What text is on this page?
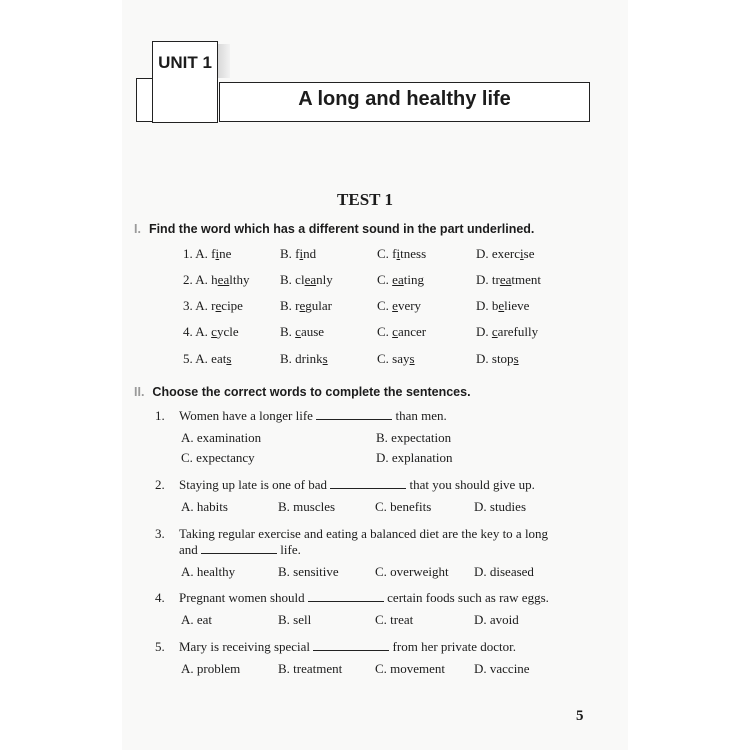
UNIT 1
A long and healthy life
TEST 1
I. Find the word which has a different sound in the part underlined.
1. A. fine	B. find	C. fitness	D. exercise
2. A. healthy B. cleanly	C. eating	D. treatment
3. A. recipe	B. regular	C. every	D. believe
4. A. cycle	B. cause	C. cancer	D. carefully
5. A. eats	B. drinks	C. says	D. stops
II. Choose the correct words to complete the sentences.
1. Women have a longer life	than men.
A. examination	B. expectation
C. expectancy	D. explanation
2. Staying up late is one of bad	that you should give up.
A. habits	B. muscles	C. benefits	D. studies
3. Taking regular exercise and eating a balanced diet are the key to a long
and	life.
A. healthy	B. sensitive	C. overweight D. diseased
4. Pregnant women should	certain foods such as raw eggs.
A. eat	B. sell	C. treat	D. avoid
5. Mary is receiving special	from her private doctor.
A. problem	B. treatment	C. movement D. vaccine
5
